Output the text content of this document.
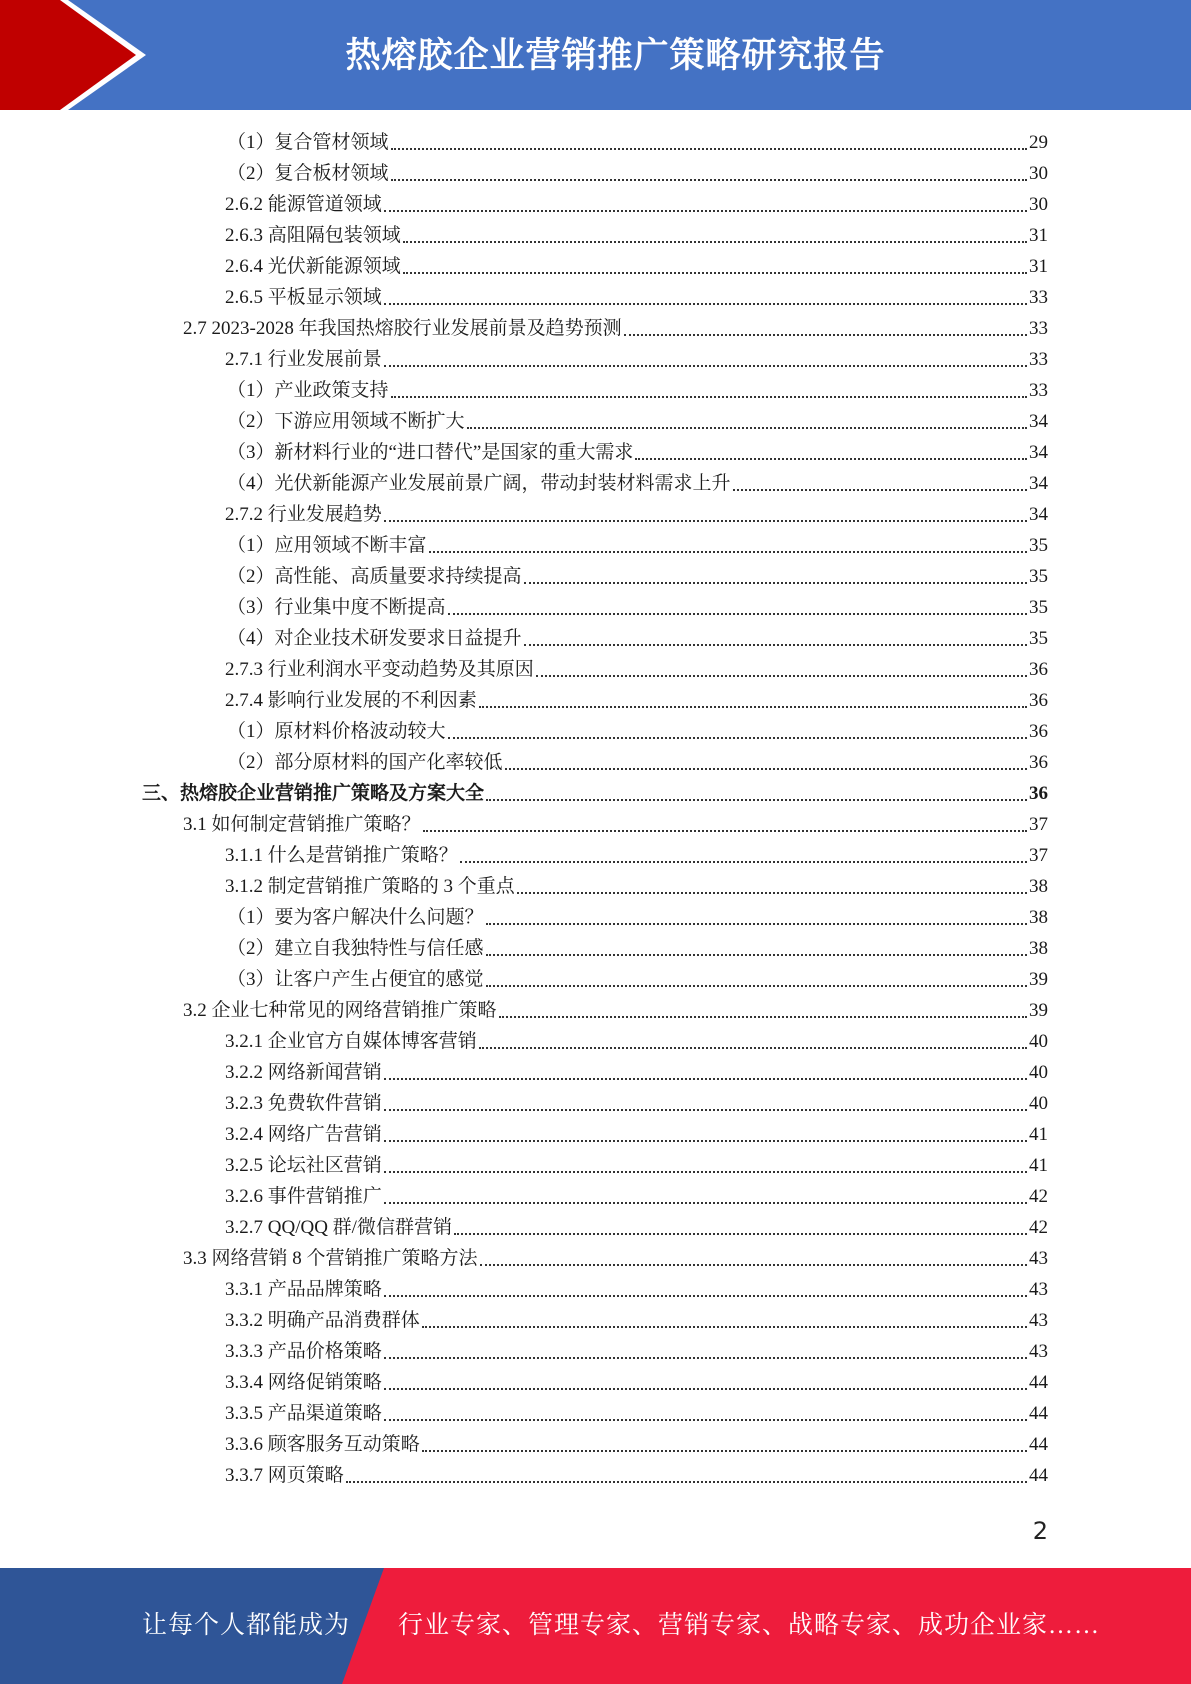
热熔胶企业营销推广策略研究报告
（1）复合管材领域	29
（2）复合板材领域	30
2.6.2 能源管道领域	30
2.6.3 高阻隔包装领域	31
2.6.4 光伏新能源领域	31
2.6.5 平板显示领域	33
2.7 2023-2028 年我国热熔胶行业发展前景及趋势预测	33
2.7.1 行业发展前景	33
（1）产业政策支持	33
（2）下游应用领域不断扩大	34
（3）新材料行业的“进口替代”是国家的重大需求	34
（4）光伏新能源产业发展前景广阔，带动封装材料需求上升	34
2.7.2 行业发展趋势	34
（1）应用领域不断丰富	35
（2）高性能、高质量要求持续提高	35
（3）行业集中度不断提高	35
（4）对企业技术研发要求日益提升	35
2.7.3 行业利润水平变动趋势及其原因	36
2.7.4 影响行业发展的不利因素	36
（1）原材料价格波动较大	36
（2）部分原材料的国产化率较低	36
三、热熔胶企业营销推广策略及方案大全	36
3.1 如何制定营销推广策略？	37
3.1.1 什么是营销推广策略？	37
3.1.2 制定营销推广策略的 3 个重点	38
（1）要为客户解决什么问题？	38
（2）建立自我独特性与信任感	38
（3）让客户产生占便宜的感觉	39
3.2 企业七种常见的网络营销推广策略	39
3.2.1 企业官方自媒体博客营销	40
3.2.2 网络新闻营销	40
3.2.3 免费软件营销	40
3.2.4 网络广告营销	41
3.2.5 论坛社区营销	41
3.2.6 事件营销推广	42
3.2.7 QQ/QQ 群/微信群营销	42
3.3 网络营销 8 个营销推广策略方法	43
3.3.1 产品品牌策略	43
3.3.2 明确产品消费群体	43
3.3.3 产品价格策略	43
3.3.4 网络促销策略	44
3.3.5 产品渠道策略	44
3.3.6 顾客服务互动策略	44
3.3.7 网页策略	44
2
让每个人都能成为 行业专家、管理专家、营销专家、战略专家、成功企业家……
